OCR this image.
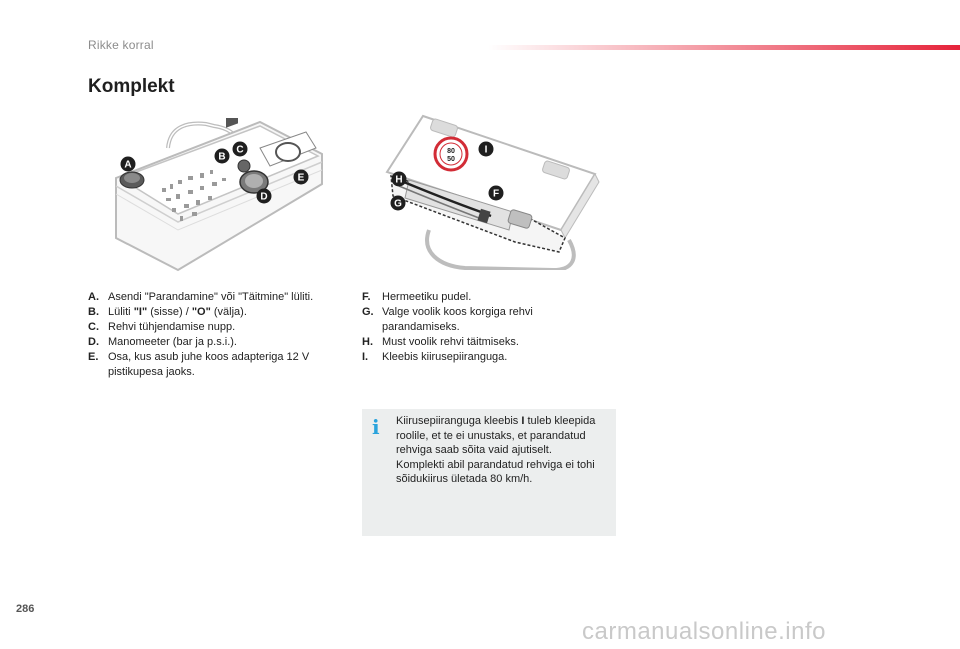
Rikke korral
Komplekt
A
B
C
D
E
80
50
H
G
F
I
A. Asendi "Parandamine" või "Täitmine" lüliti.
B. Lüliti "I" (sisse) / "O" (välja).
C. Rehvi tühjendamise nupp.
D. Manomeeter (bar ja p.s.i.).
E. Osa, kus asub juhe koos adapteriga 12 V pistikupesa jaoks.
F.	Hermeetiku pudel.
G. Valge voolik koos korgiga rehvi parandamiseks.
H. Must voolik rehvi täitmiseks.
I.	Kleebis kiirusepiiranguga.
i Kiirusepiiranguga kleebis I tuleb kleepida roolile, et te ei unustaks, et parandatud rehviga saab sõita vaid ajutiselt.

Komplekti abil parandatud rehviga ei tohi sõidukiirus ületada 80 km/h.

286
carmanualsonline.info
